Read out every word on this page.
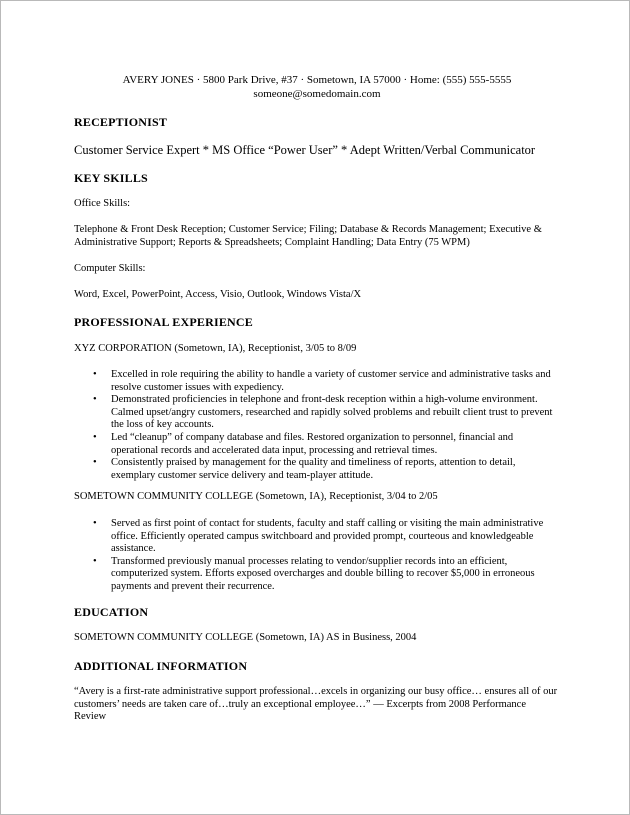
AVERY JONES · 5800 Park Drive, #37 · Sometown, IA 57000 · Home: (555) 555-5555
someone@somedomain.com
RECEPTIONIST
Customer Service Expert * MS Office “Power User” * Adept Written/Verbal Communicator
KEY SKILLS
Office Skills:
Telephone & Front Desk Reception; Customer Service; Filing; Database & Records Management; Executive & Administrative Support; Reports & Spreadsheets; Complaint Handling; Data Entry (75 WPM)
Computer Skills:
Word, Excel, PowerPoint, Access, Visio, Outlook, Windows Vista/X
PROFESSIONAL EXPERIENCE
XYZ CORPORATION (Sometown, IA), Receptionist, 3/05 to 8/09
• Excelled in role requiring the ability to handle a variety of customer service and administrative tasks and resolve customer issues with expediency.
• Demonstrated proficiencies in telephone and front-desk reception within a high-volume environment. Calmed upset/angry customers, researched and rapidly solved problems and rebuilt client trust to prevent the loss of key accounts.
• Led “cleanup” of company database and files. Restored organization to personnel, financial and operational records and accelerated data input, processing and retrieval times.
• Consistently praised by management for the quality and timeliness of reports, attention to detail, exemplary customer service delivery and team-player attitude.
SOMETOWN COMMUNITY COLLEGE (Sometown, IA), Receptionist, 3/04 to 2/05
• Served as first point of contact for students, faculty and staff calling or visiting the main administrative office. Efficiently operated campus switchboard and provided prompt, courteous and knowledgeable assistance.
• Transformed previously manual processes relating to vendor/supplier records into an efficient, computerized system. Efforts exposed overcharges and double billing to recover $5,000 in erroneous payments and prevent their recurrence.
EDUCATION
SOMETOWN COMMUNITY COLLEGE (Sometown, IA) AS in Business, 2004
ADDITIONAL INFORMATION
“Avery is a first-rate administrative support professional…excels in organizing our busy office… ensures all of our customers’ needs are taken care of…truly an exceptional employee…” — Excerpts from 2008 Performance Review
